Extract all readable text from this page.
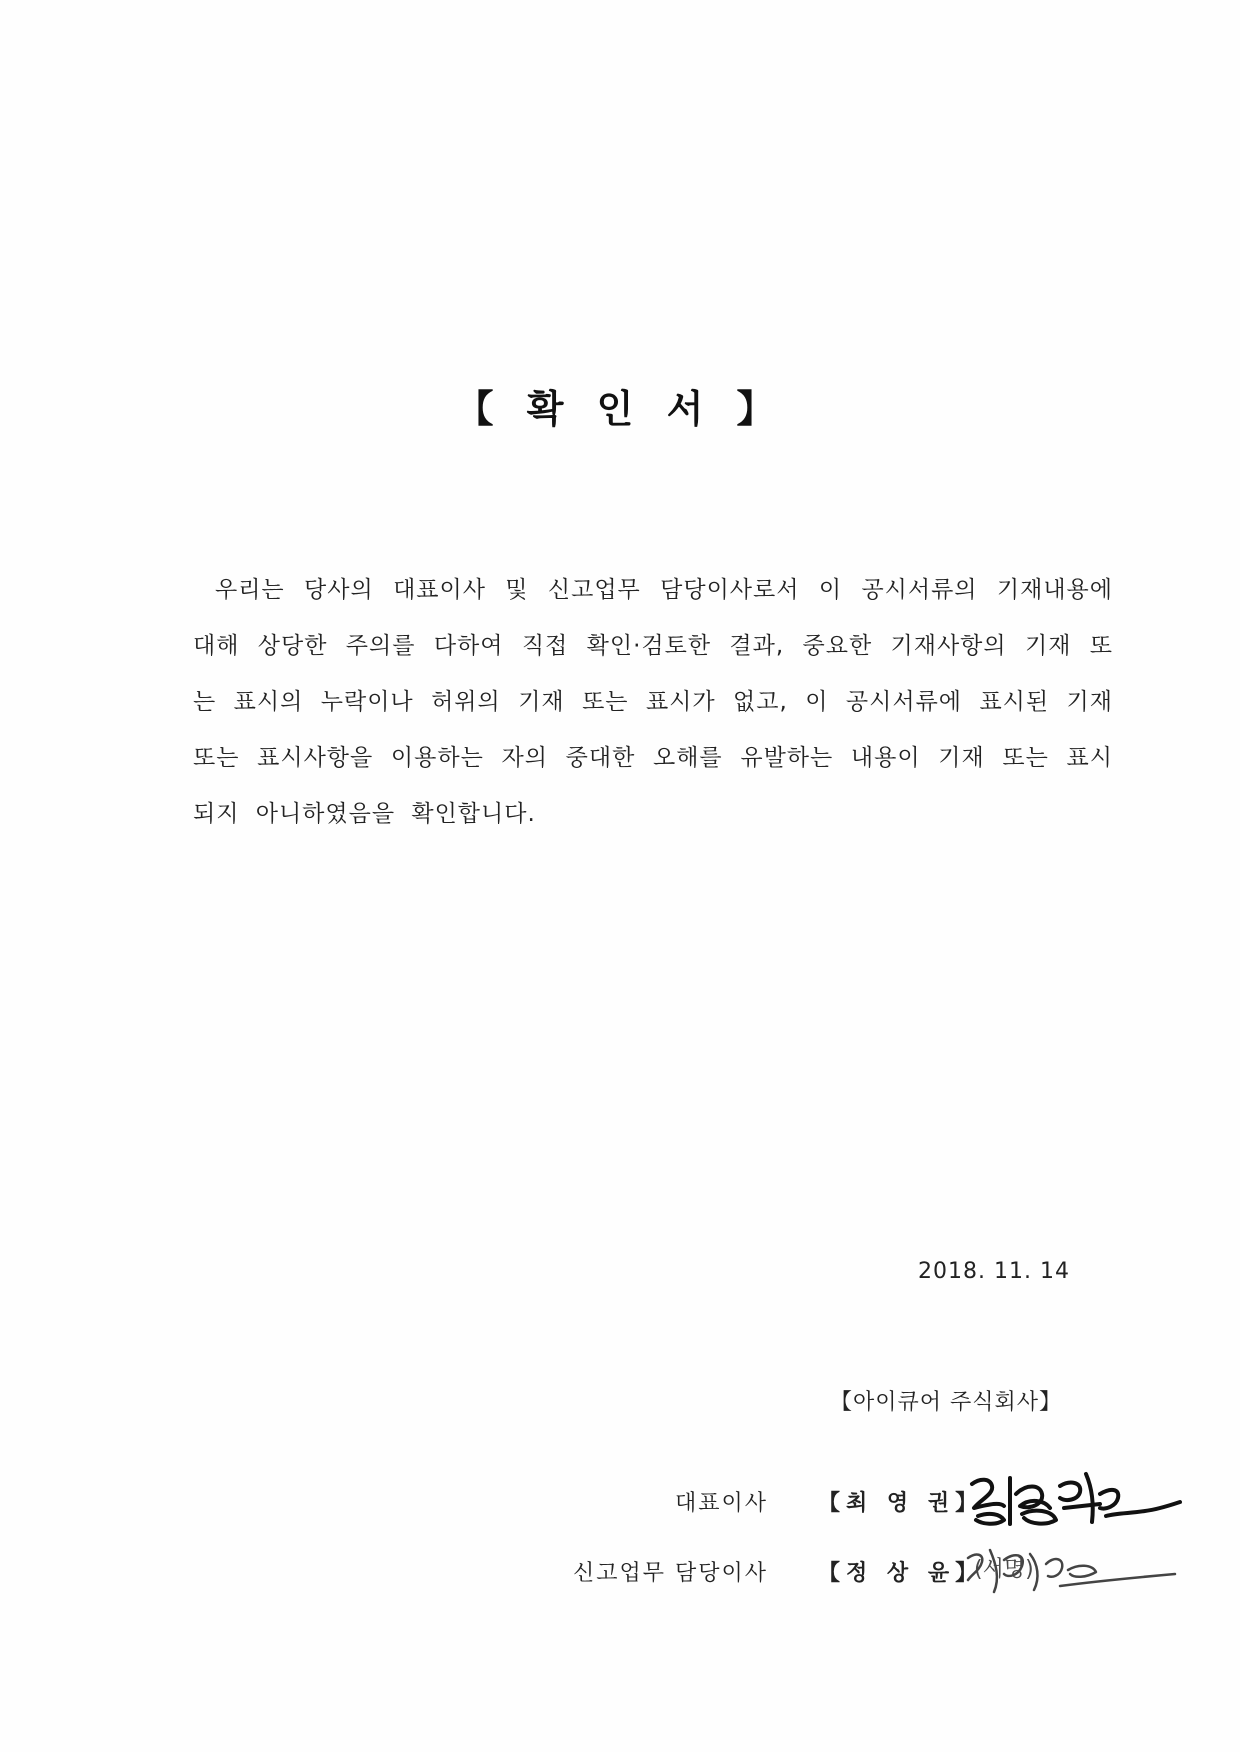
【 확 인 서 】

우리는 당사의 대표이사 및 신고업무 담당이사로서 이 공시서류의 기재내용에 대해 상당한 주의를 다하여 직접 확인·검토한 결과, 중요한 기재사항의 기재 또는 표시의 누락이나 허위의 기재 또는 표시가 없고, 이 공시서류에 표시된 기재 또는 표시사항을 이용하는 자의 중대한 오해를 유발하는 내용이 기재 또는 표시되지 아니하였음을 확인합니다.

2018. 11. 14
【아이큐어 주식회사】
대표이사 【최 영 권】
신고업무 담당이사 【정 상 윤】
(서명)
